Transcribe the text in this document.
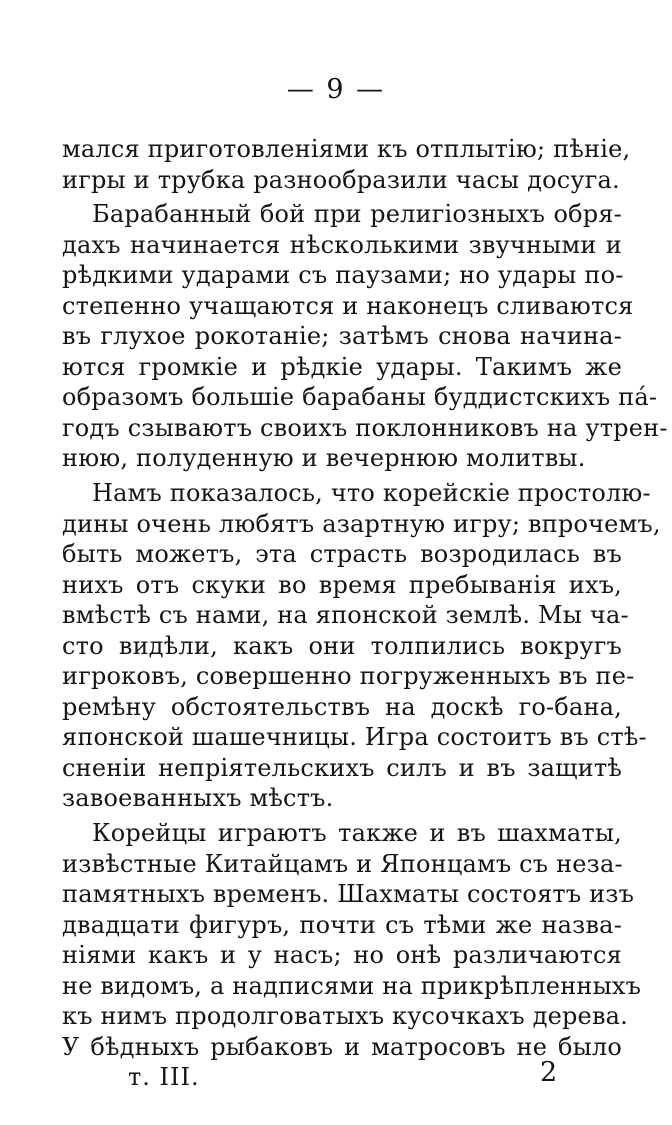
— 9 —
мался приготовленіями къ отплытію; пѣніе,
игры и трубка разнообразили часы досуга.
Барабанный бой при религіозныхъ обря-
дахъ начинается нѣсколькими звучными и
рѣдкими ударами съ паузами; но удары по-
степенно учащаются и наконецъ сливаются
въ глухое рокотаніе; затѣмъ снова начина-
ются громкіе и рѣдкіе удары. Такимъ же
образомъ большіе барабаны буддистскихъ па́-
годъ сзываютъ своихъ поклонниковъ на утрен-
нюю, полуденную и вечернюю молитвы.
Намъ показалось, что корейскіе простолю-
дины очень любятъ азартную игру; впрочемъ,
быть можетъ, эта страсть возродилась въ
нихъ отъ скуки во время пребыванія ихъ,
вмѣстѣ съ нами, на японской землѣ. Мы ча-
сто видѣли, какъ они толпились вокругъ
игроковъ, совершенно погруженныхъ въ пе-
ремѣну обстоятельствъ на доскѣ го-бана,
японской шашечницы. Игра состоитъ въ стѣ-
сненіи непріятельскихъ силъ и въ защитѣ
завоеванныхъ мѣстъ.
Корейцы играютъ также и въ шахматы,
извѣстные Китайцамъ и Японцамъ съ неза-
памятныхъ временъ. Шахматы состоятъ изъ
двадцати фигуръ, почти съ тѣми же назва-
ніями какъ и у насъ; но онѣ различаются
не видомъ, а надписями на прикрѣпленныхъ
къ нимъ продолговатыхъ кусочкахъ дерева.
У бѣдныхъ рыбаковъ и матросовъ не было
т. III.	2
